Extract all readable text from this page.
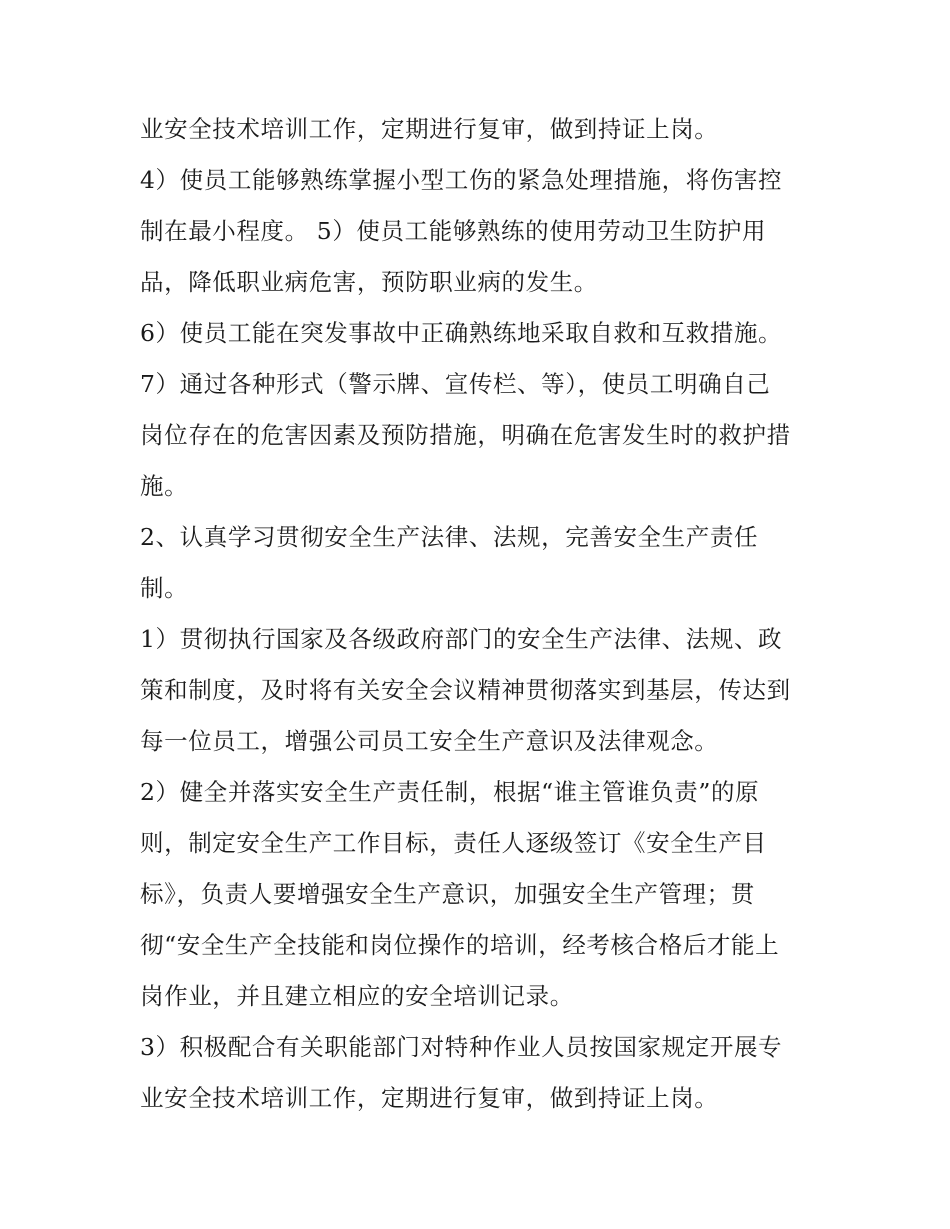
业安全技术培训工作，定期进行复审，做到持证上岗。
4）使员工能够熟练掌握小型工伤的紧急处理措施，将伤害控
制在最小程度。 5）使员工能够熟练的使用劳动卫生防护用
品，降低职业病危害，预防职业病的发生。
6）使员工能在突发事故中正确熟练地采取自救和互救措施。
7）通过各种形式（警示牌、宣传栏、等），使员工明确自己
岗位存在的危害因素及预防措施，明确在危害发生时的救护措
施。
2、认真学习贯彻安全生产法律、法规，完善安全生产责任
制。
1）贯彻执行国家及各级政府部门的安全生产法律、法规、政
策和制度，及时将有关安全会议精神贯彻落实到基层，传达到
每一位员工，增强公司员工安全生产意识及法律观念。
2）健全并落实安全生产责任制，根据“谁主管谁负责”的原
则，制定安全生产工作目标，责任人逐级签订《安全生产目
标》，负责人要增强安全生产意识，加强安全生产管理；贯
彻“安全生产全技能和岗位操作的培训，经考核合格后才能上
岗作业，并且建立相应的安全培训记录。
3）积极配合有关职能部门对特种作业人员按国家规定开展专
业安全技术培训工作，定期进行复审，做到持证上岗。
